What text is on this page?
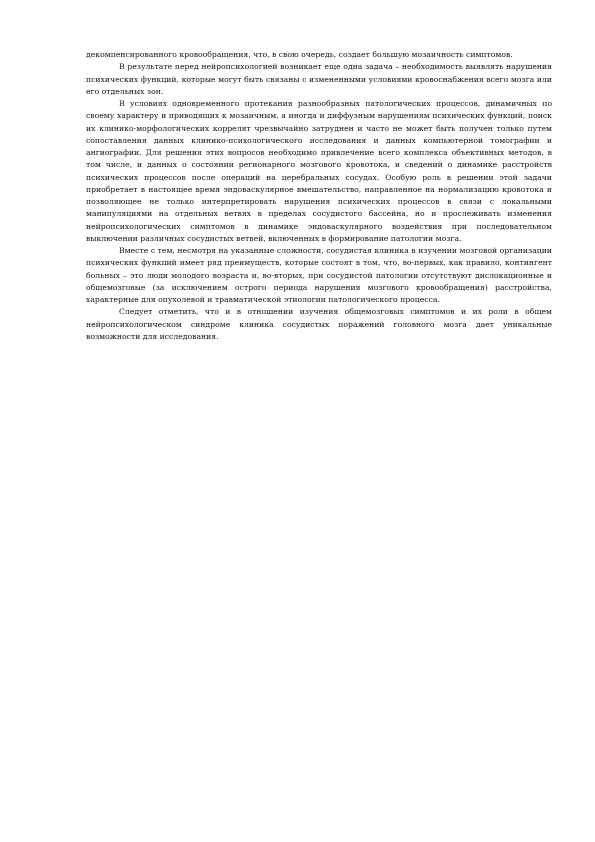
декомпенсированного кровообращения, что, в свою очередь, создает большую мозаичность симптомов.

В результате перед нейропсихологией возникает еще одна задача – необходимость выявлять нарушения психических функций, которые могут быть связаны с измененными условиями кровоснабжения всего мозга или его отдельных зон.

В условиях одновременного протекания разнообразных патологических процессов, динамичных по своему характеру и приводящих к мозаичным, а иногда и диффузным нарушениям психических функций, поиск их клинико-морфологических коррелят чрезвычайно затруднен и часто не может быть получен только путем сопоставления данных клинико-психологического исследования и данных компьютерной томографии и ангиографии. Для решения этих вопросов необходимо привлечение всего комплекса объективных методов, в том числе, и данных о состоянии регионарного мозгового кровотока, и сведений о динамике расстройств психических процессов после операций на церебральных сосудах. Особую роль в решении этой задачи приобретает в настоящее время эндоваскулярное вмешательство, направленное на нормализацию кровотока и позволяющее не только интерпретировать нарушения психических процессов в связи с локальными манипуляциями на отдельных ветвях в пределах сосудистого бассейна, но и прослеживать изменения нейропсихологических симптомов в динамике эндоваскулярного воздействия при последовательном выключении различных сосудистых ветвей, включенных в формирование патологии мозга.

Вместе с тем, несмотря на указанные сложности, сосудистая клиника в изучении мозговой организации психических функций имеет ряд преимуществ, которые состоят в том, что, во-первых, как правило, контингент больных – это люди молодого возраста и, во-вторых, при сосудистой патологии отсутствуют дислокационные и общемозговые (за исключением острого периода нарушения мозгового кровообращения) расстройства, характерные для опухолевой и травматической этиологии патологического процесса.

Следует отметить, что и в отношении изучения общемозговых симптомов и их роли в общем нейропсихологическом синдроме клиника сосудистых поражений головного мозга дает уникальные возможности для исследования.
